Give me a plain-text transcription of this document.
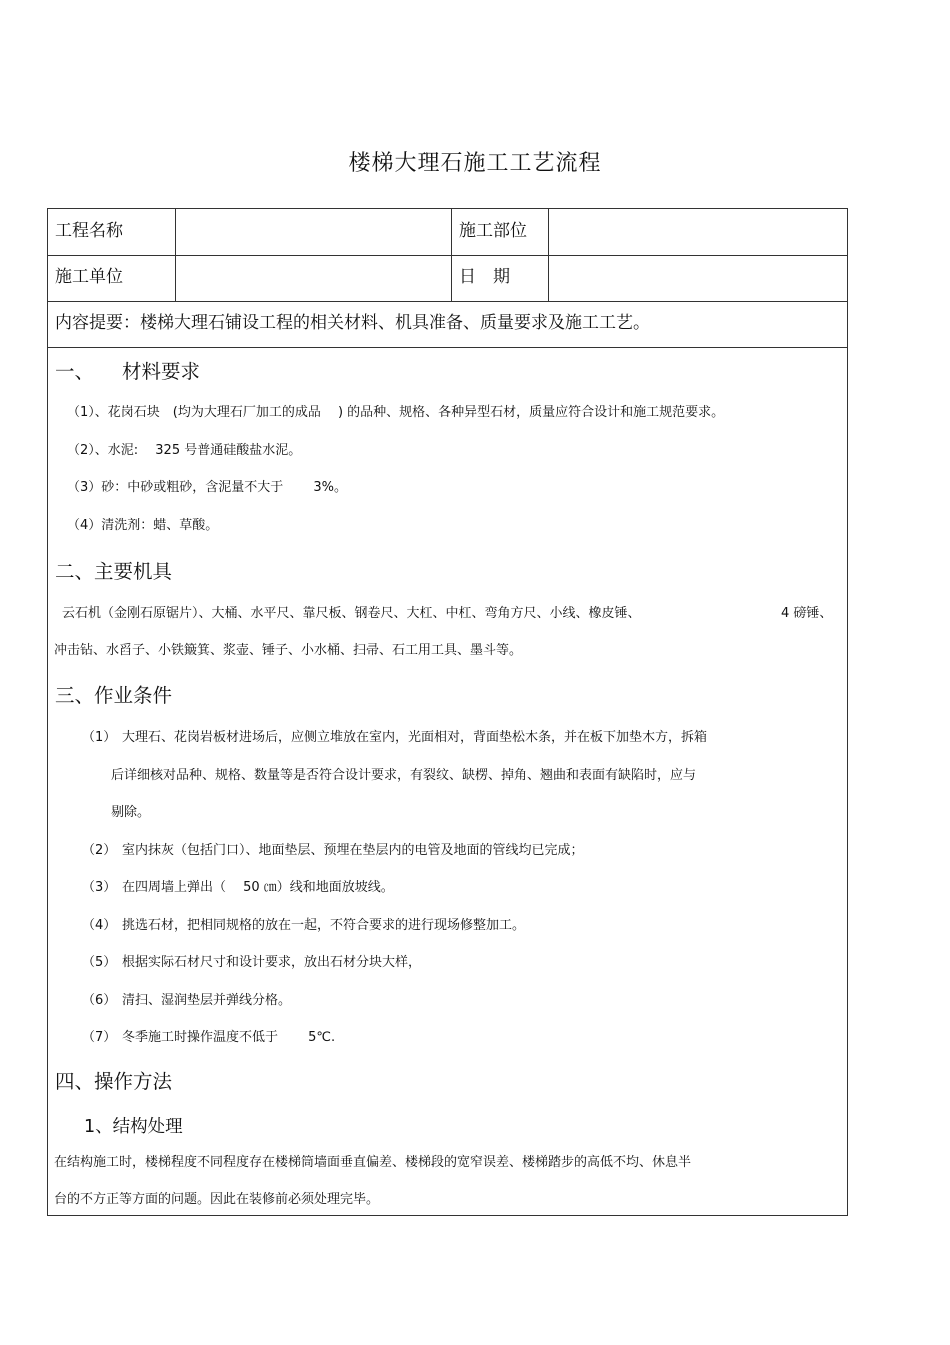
楼梯大理石施工工艺流程
工程名称	施工部位
施工单位	日　期
内容提要：楼梯大理石铺设工程的相关材料、机具准备、质量要求及施工工艺。
一、 材料要求
（1）、花岗石块　(均为大理石厂加工的成品　 ) 的品种、规格、各种异型石材，质量应符合设计和施工规范要求。
（2）、水泥:　 325 号普通硅酸盐水泥。
（3）砂：中砂或粗砂，含泥量不大于　　 3%。
（4）清洗剂：蜡、草酸。
二、主要机具
云石机（金刚石原锯片）、大桶、水平尺、靠尺板、钢卷尺、大杠、中杠、弯角方尺、小线、橡皮锤、	4 磅锤、
冲击钻、水舀子、小铁簸箕、浆壶、锤子、小水桶、扫帚、石工用工具、墨斗等。
三、作业条件
（1） 大理石、花岗岩板材进场后，应侧立堆放在室内，光面相对，背面垫松木条，并在板下加垫木方，拆箱
后详细核对品种、规格、数量等是否符合设计要求，有裂纹、缺楞、掉角、翘曲和表面有缺陷时，应与
剔除。
（2） 室内抹灰（包括门口）、地面垫层、预埋在垫层内的电管及地面的管线均已完成；
（3） 在四周墙上弹出（　 50 ㎝）线和地面放坡线。
（4） 挑选石材，把相同规格的放在一起，不符合要求的进行现场修整加工。
（5） 根据实际石材尺寸和设计要求，放出石材分块大样，
（6） 清扫、湿润垫层并弹线分格。
（7） 冬季施工时操作温度不低于　　 5℃.
四、操作方法
1、结构处理
在结构施工时，楼梯程度不同程度存在楼梯筒墙面垂直偏差、楼梯段的宽窄误差、楼梯踏步的高低不均、休息半
台的不方正等方面的问题。因此在装修前必须处理完毕。
